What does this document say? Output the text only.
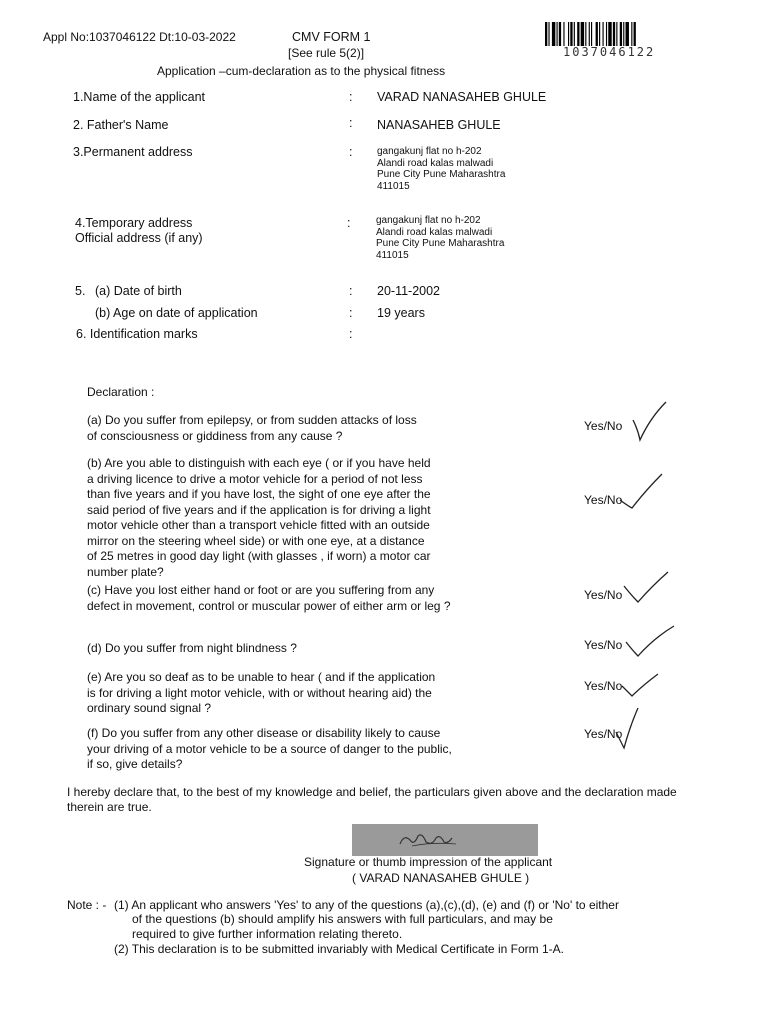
Appl No:1037046122 Dt:10-03-2022	CMV FORM 1
[See rule 5(2)]
Application –cum-declaration as to the physical fitness
1037046122
1.Name of the applicant	: VARAD NANASAHEB GHULE
2. Father's Name	: NANASAHEB GHULE
3.Permanent address	: gangakunj flat no h-202
Alandi road kalas malwadi
Pune City Pune Maharashtra
411015
4.Temporary address
Official address (if any)
:	gangakunj flat no h-202
Alandi road kalas malwadi
Pune City Pune Maharashtra
411015
5. (a) Date of birth	: 20-11-2002
(b) Age on date of application	: 19 years
6. Identification marks	:
Declaration :
(a) Do you suffer from epilepsy, or from sudden attacks of loss of consciousness or giddiness from any cause ?
Yes/No
(b) Are you able to distinguish with each eye ( or if you have held a driving licence to drive a motor vehicle for a period of not less than five years and if you have lost, the sight of one eye after the said period of five years and if the application is for driving a light motor vehicle other than a transport vehicle fitted with an outside mirror on the steering wheel side) or with one eye, at a distance of 25 metres in good day light (with glasses , if worn) a motor car number plate?
Yes/No
(c) Have you lost either hand or foot or are you suffering from any defect in movement, control or muscular power of either arm or leg ?
Yes/No
(d) Do you suffer from night blindness ?	Yes/No
(e) Are you so deaf as to be unable to hear ( and if the application is for driving a light motor vehicle, with or without hearing aid) the ordinary sound signal ?
Yes/No
(f) Do you suffer from any other disease or disability likely to cause your driving of a motor vehicle to be a source of danger to the public, if so, give details?
Yes/No
I hereby declare that, to the best of my knowledge and belief, the particulars given above and the declaration made therein are true.
Signature or thumb impression of the applicant
( VARAD NANASAHEB GHULE )
Note : - (1) An applicant who answers 'Yes' to any of the questions (a),(c),(d), (e) and (f) or 'No' to either
of the questions (b) should amplify his answers with full particulars, and may be
required to give further information relating thereto.
(2) This declaration is to be submitted invariably with Medical Certificate in Form 1-A.
